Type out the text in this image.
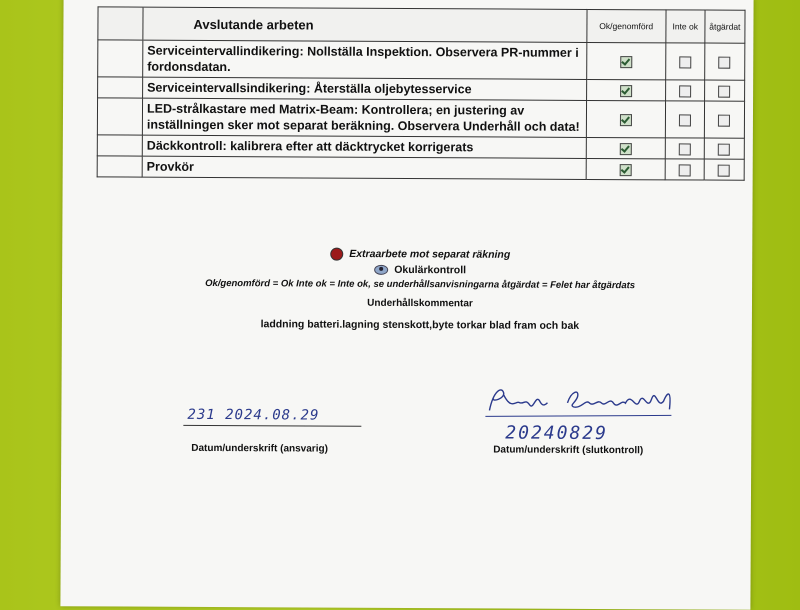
	Avslutande arbeten	Ok/genomförd	Inte ok	åtgärdat
	Serviceintervallindikering: Nollställa Inspektion. Observera PR-nummer i fordonsdatan.			
	Serviceintervallsindikering: Återställa oljebytesservice			
	LED-strålkastare med Matrix-Beam: Kontrollera; en justering av inställningen sker mot separat beräkning. Observera Underhåll och data!			
	Däckkontroll: kalibrera efter att däcktrycket korrigerats			
	Provkör			
Extraarbete mot separat räkning
Okulärkontroll
Ok/genomförd = Ok Inte ok = Inte ok, se underhållsanvisningarna åtgärdat = Felet har åtgärdats
Underhållskommentar
laddning batteri.lagning stenskott,byte torkar blad fram och bak
231 2024.08.29
Datum/underskrift (ansvarig)
20240829
Datum/underskrift (slutkontroll)
